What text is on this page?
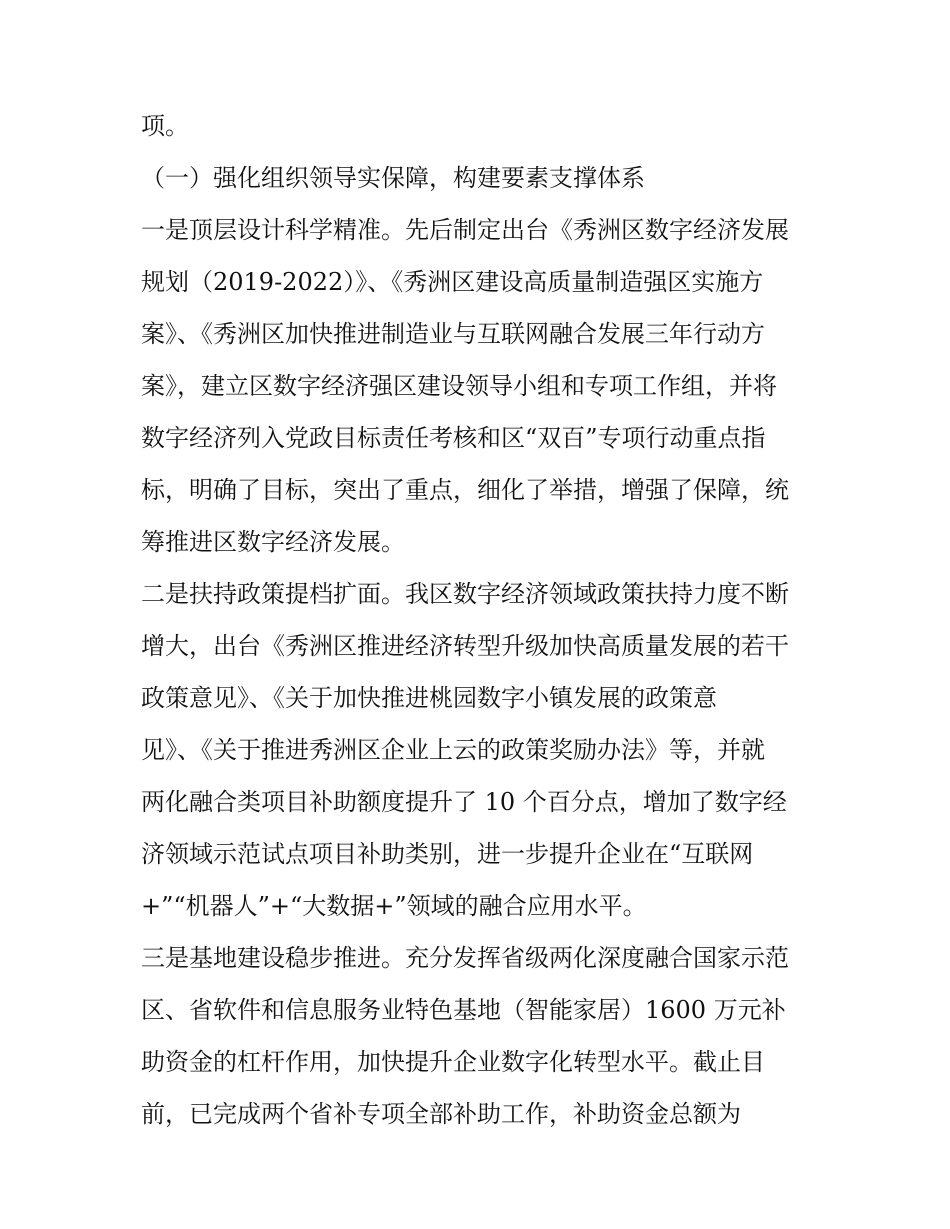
项。
（一）强化组织领导实保障，构建要素支撑体系
一是顶层设计科学精准。先后制定出台《秀洲区数字经济发展
规划（2019-2022）》、《秀洲区建设高质量制造强区实施方
案》、《秀洲区加快推进制造业与互联网融合发展三年行动方
案》，建立区数字经济强区建设领导小组和专项工作组，并将
数字经济列入党政目标责任考核和区“双百”专项行动重点指
标，明确了目标，突出了重点，细化了举措，增强了保障，统
筹推进区数字经济发展。
二是扶持政策提档扩面。我区数字经济领域政策扶持力度不断
增大，出台《秀洲区推进经济转型升级加快高质量发展的若干
政策意见》、《关于加快推进桃园数字小镇发展的政策意
见》、《关于推进秀洲区企业上云的政策奖励办法》等，并就
两化融合类项目补助额度提升了 10 个百分点，增加了数字经
济领域示范试点项目补助类别，进一步提升企业在“互联网
+”“机器人”+“大数据+”领域的融合应用水平。
三是基地建设稳步推进。充分发挥省级两化深度融合国家示范
区、省软件和信息服务业特色基地（智能家居）1600 万元补
助资金的杠杆作用，加快提升企业数字化转型水平。截止目
前，已完成两个省补专项全部补助工作，补助资金总额为
